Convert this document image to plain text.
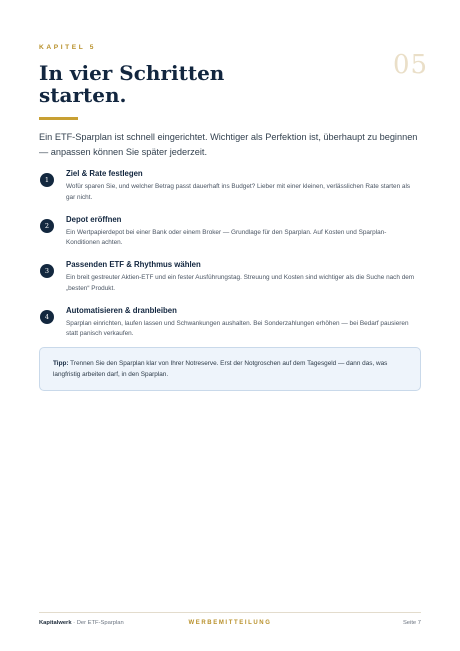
KAPITEL 5
05
In vier Schritten
starten.

Ein ETF-Sparplan ist schnell eingerichtet. Wichtiger als Perfektion ist, überhaupt zu beginnen — anpassen können Sie später jederzeit.

1
Ziel & Rate festlegen
Wofür sparen Sie, und welcher Betrag passt dauerhaft ins Budget? Lieber mit einer kleinen, verlässlichen Rate starten als gar nicht.
2
Depot eröffnen
Ein Wertpapierdepot bei einer Bank oder einem Broker — Grundlage für den Sparplan. Auf Kosten und Sparplan-Konditionen achten.
3
Passenden ETF & Rhythmus wählen
Ein breit gestreuter Aktien-ETF und ein fester Ausführungstag. Streuung und Kosten sind wichtiger als die Suche nach dem „besten“ Produkt.
4
Automatisieren & dranbleiben
Sparplan einrichten, laufen lassen und Schwankungen aushalten. Bei Sonderzahlungen erhöhen — bei Bedarf pausieren statt panisch verkaufen.
Tipp: Trennen Sie den Sparplan klar von Ihrer Notreserve. Erst der Notgroschen auf dem Tagesgeld — dann das, was langfristig arbeiten darf, in den Sparplan.
Kapitalwerk · Der ETF-Sparplan	WERBEMITTEILUNG	Seite 7
